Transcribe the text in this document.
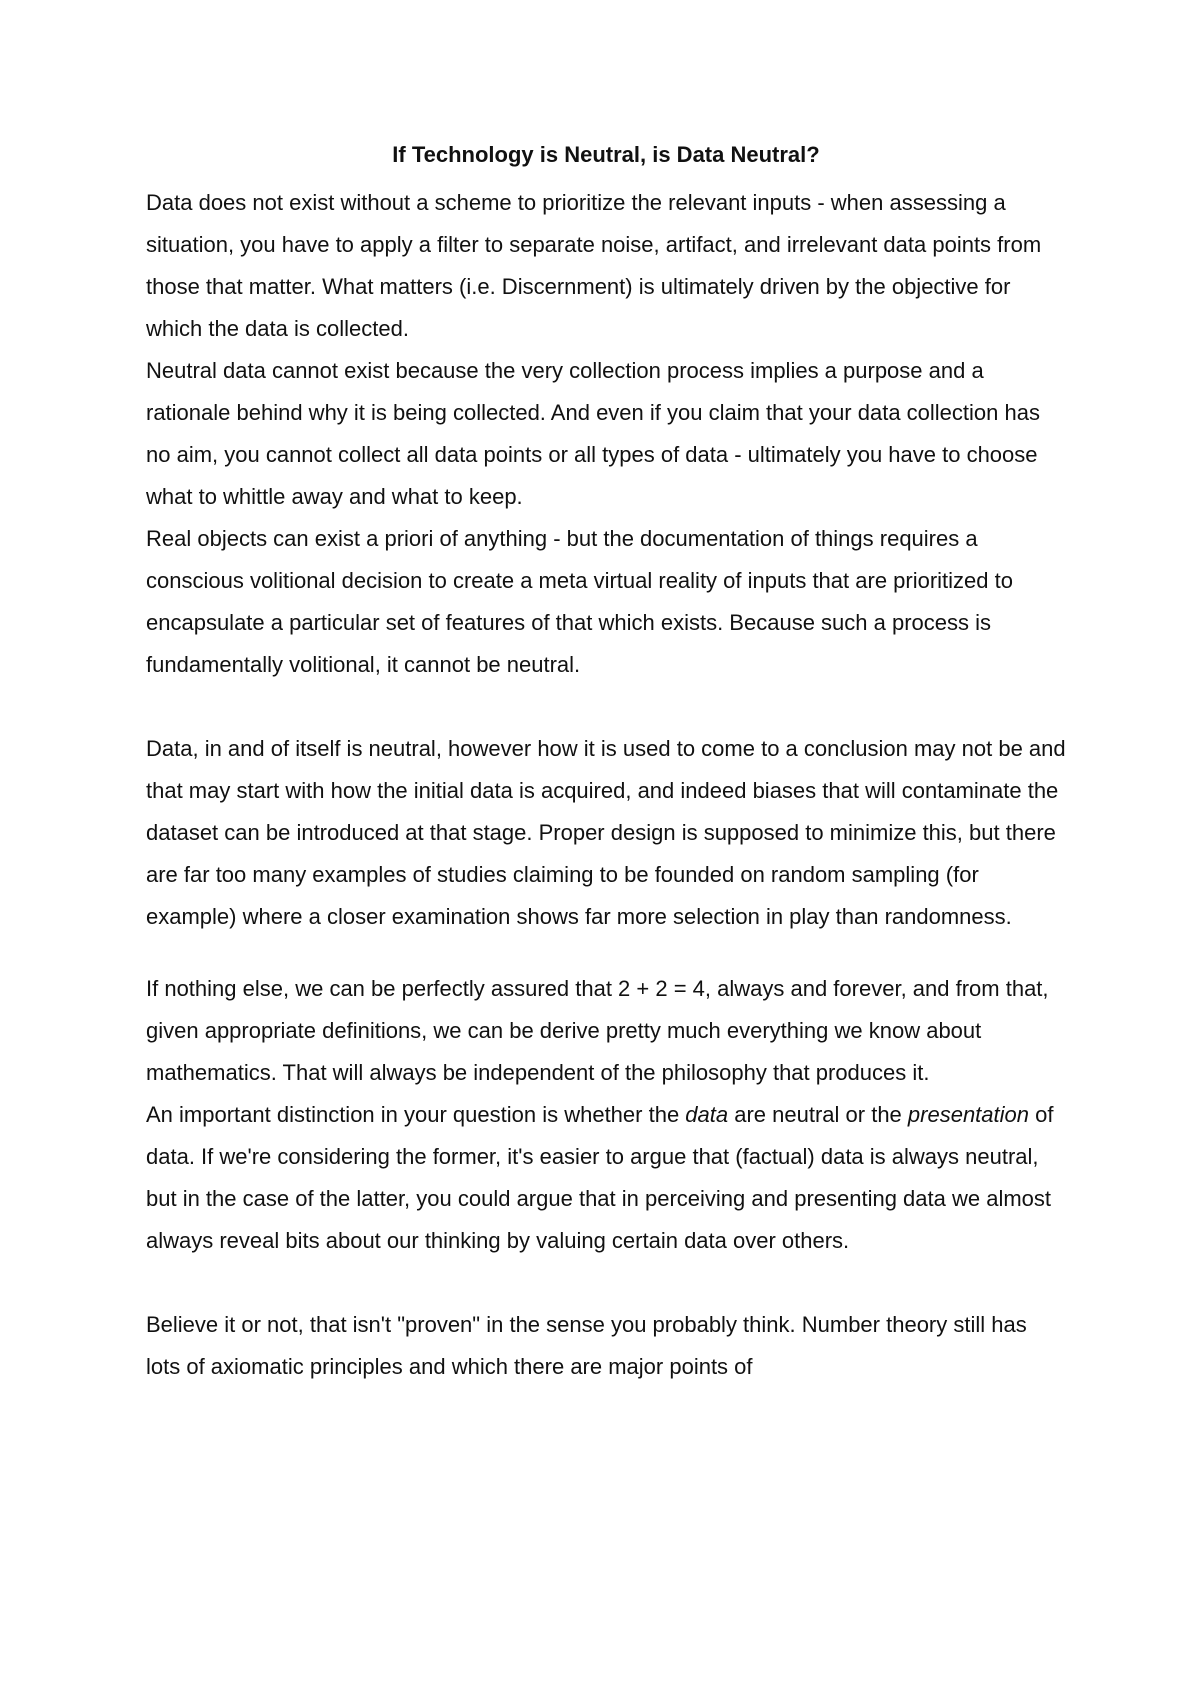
If Technology is Neutral, is Data Neutral?

Data does not exist without a scheme to prioritize the relevant inputs - when assessing a situation, you have to apply a filter to separate noise, artifact, and irrelevant data points from those that matter. What matters (i.e. Discernment) is ultimately driven by the objective for which the data is collected.

Neutral data cannot exist because the very collection process implies a purpose and a rationale behind why it is being collected. And even if you claim that your data collection has no aim, you cannot collect all data points or all types of data - ultimately you have to choose what to whittle away and what to keep.

Real objects can exist a priori of anything - but the documentation of things requires a conscious volitional decision to create a meta virtual reality of inputs that are prioritized to encapsulate a particular set of features of that which exists. Because such a process is fundamentally volitional, it cannot be neutral.

Data, in and of itself is neutral, however how it is used to come to a conclusion may not be and that may start with how the initial data is acquired, and indeed biases that will contaminate the dataset can be introduced at that stage. Proper design is supposed to minimize this, but there are far too many examples of studies claiming to be founded on random sampling (for example) where a closer examination shows far more selection in play than randomness.

If nothing else, we can be perfectly assured that 2 + 2 = 4, always and forever, and from that, given appropriate definitions, we can be derive pretty much everything we know about mathematics. That will always be independent of the philosophy that produces it.

An important distinction in your question is whether the data are neutral or the presentation of data. If we're considering the former, it's easier to argue that (factual) data is always neutral, but in the case of the latter, you could argue that in perceiving and presenting data we almost always reveal bits about our thinking by valuing certain data over others.

Believe it or not, that isn't "proven" in the sense you probably think. Number theory still has lots of axiomatic principles and which there are major points of
